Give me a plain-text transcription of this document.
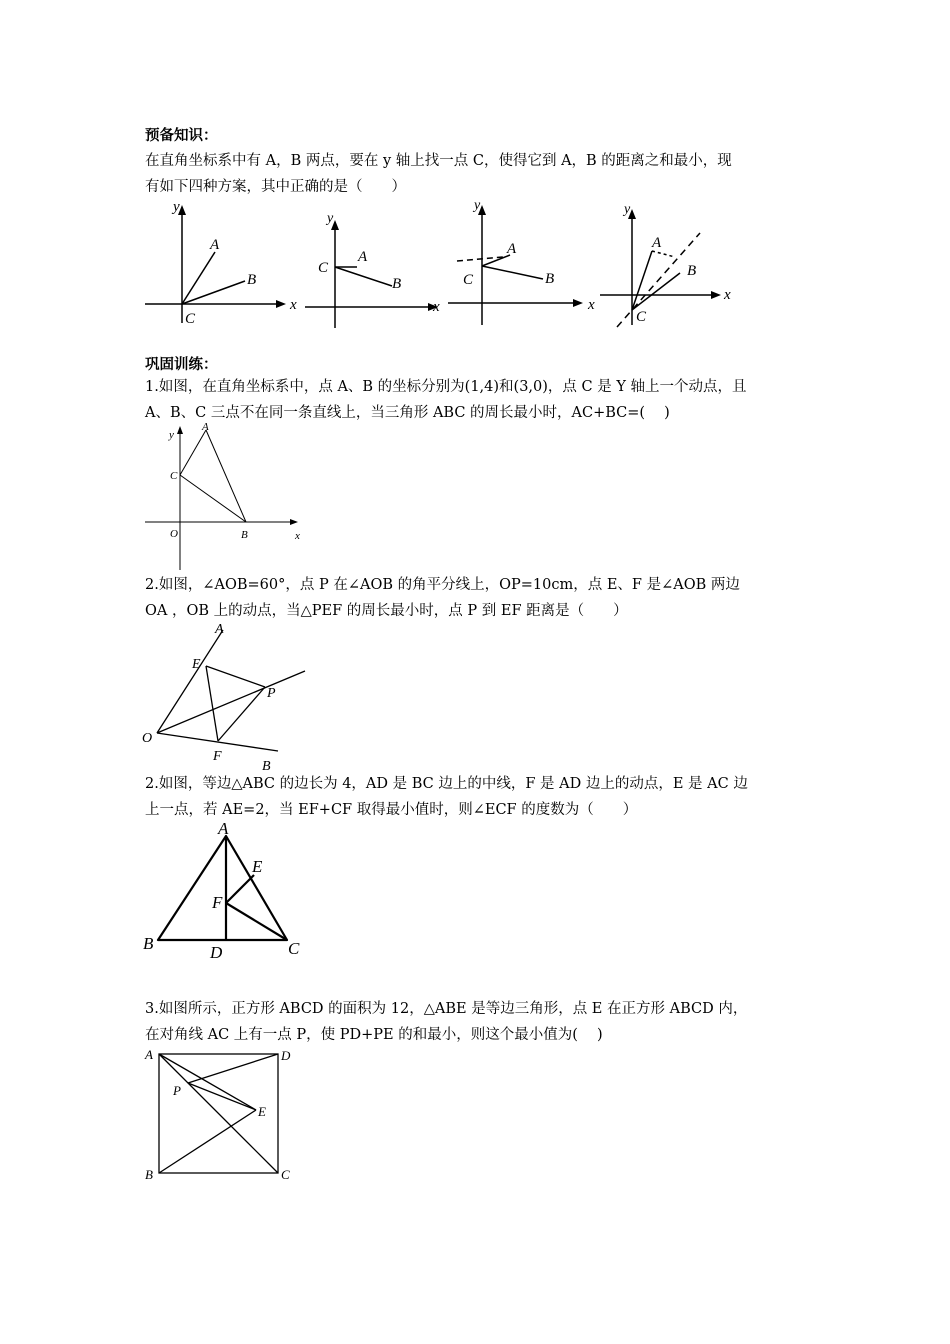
预备知识：
在直角坐标系中有 A，B 两点，要在 y 轴上找一点 C，使得它到 A，B 的距离之和最小，现
有如下四种方案，其中正确的是（　　）
y
x
A
B
C
y
x
A
B
C
y
x
A
B
C
y
x
A
B
C
巩固训练：
1.如图，在直角坐标系中，点 A、B 的坐标分别为(1,4)和(3,0)，点 C 是 Y 轴上一个动点，且
A、B、C 三点不在同一条直线上，当三角形 ABC 的周长最小时，AC+BC=(　 )
y
x
A
C
O	B
2.如图，∠AOB=60°，点 P 在∠AOB 的角平分线上，OP=10cm，点 E、F 是∠AOB 两边
OA ，OB 上的动点，当△PEF 的周长最小时，点 P 到 EF 距离是（　　）
A
E
P
O
F
B
2.如图，等边△ABC 的边长为 4，AD 是 BC 边上的中线，F 是 AD 边上的动点，E 是 AC 边
上一点，若 AE=2，当 EF+CF 取得最小值时，则∠ECF 的度数为（　　）
A
E
F
B	D	C
3.如图所示，正方形 ABCD 的面积为 12，△ABE 是等边三角形，点 E 在正方形 ABCD 内，
在对角线 AC 上有一点 P，使 PD+PE 的和最小，则这个最小值为(　 )
A	D
P
E
B	C
